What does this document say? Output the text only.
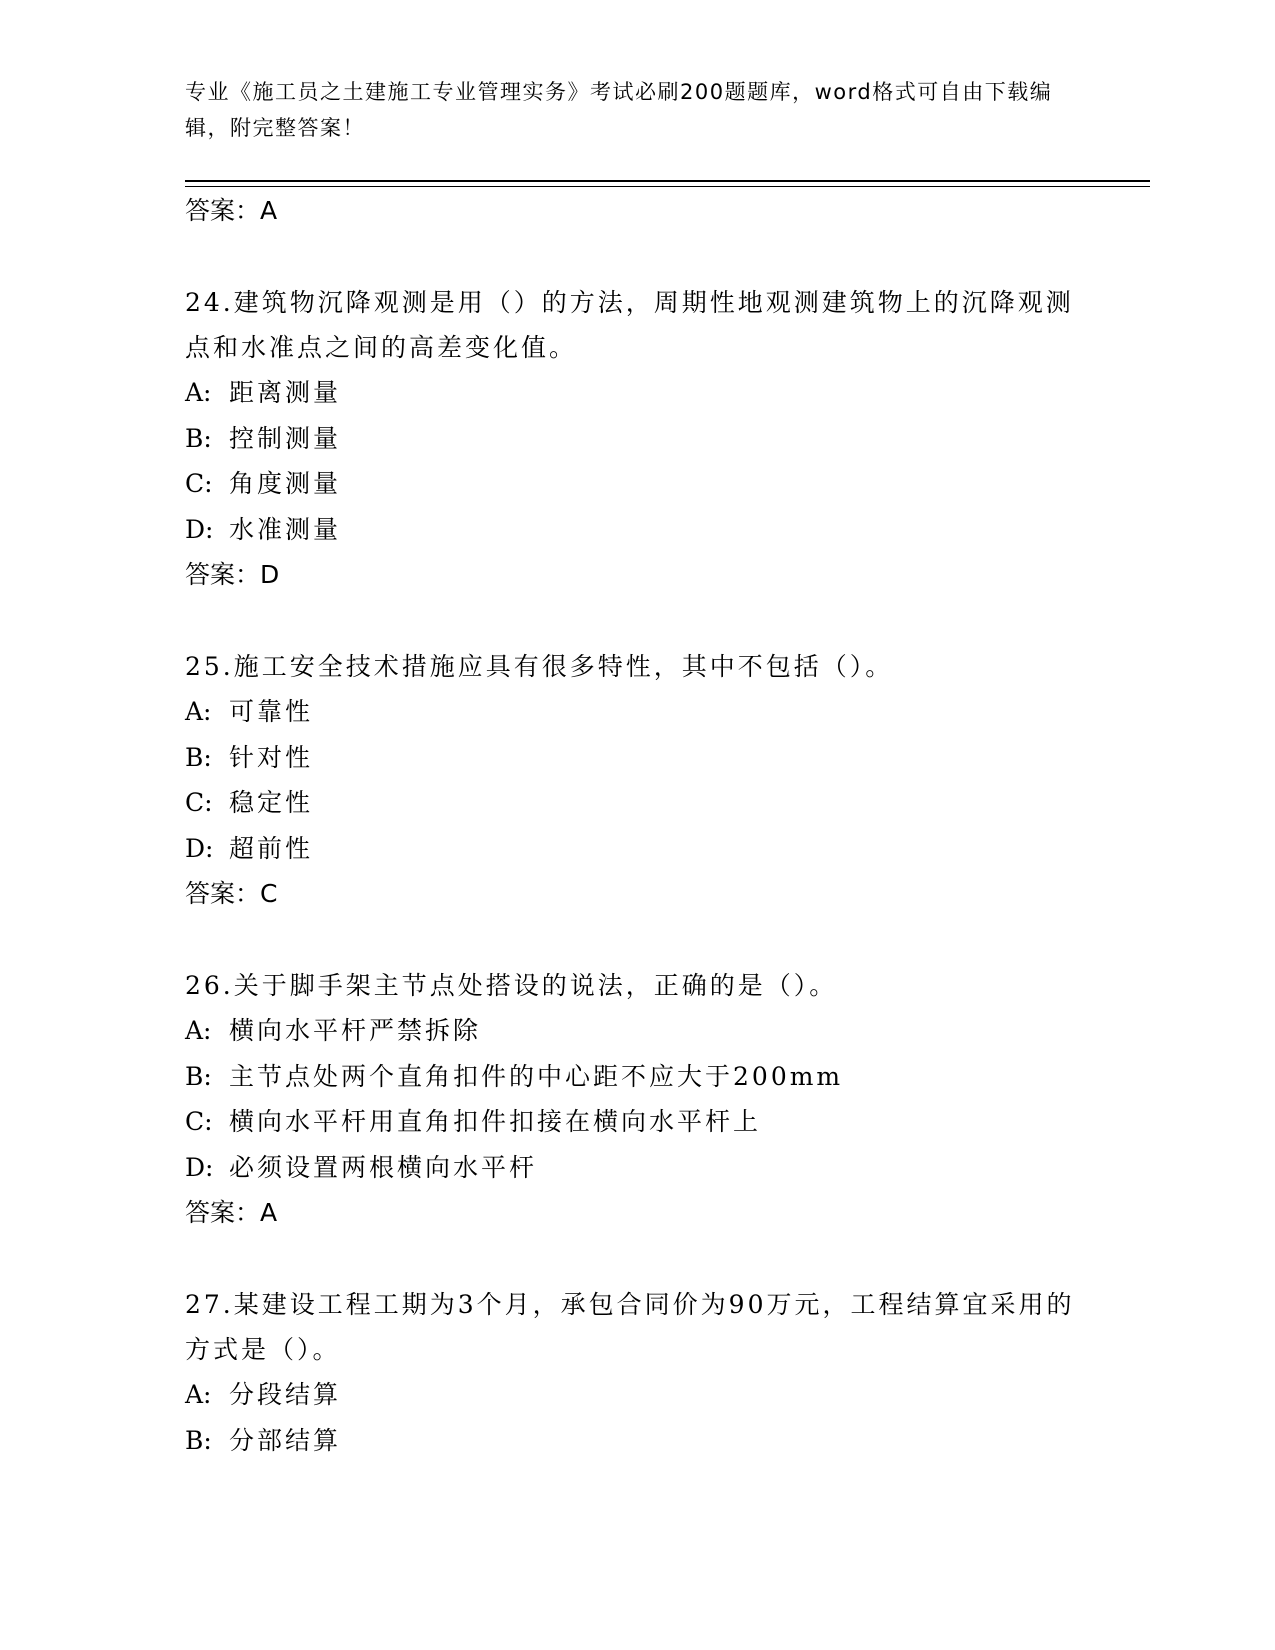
专业《施工员之土建施工专业管理实务》考试必刷200题题库，word格式可自由下载编辑，附完整答案！
答案：A
24.建筑物沉降观测是用（）的方法，周期性地观测建筑物上的沉降观测点和水准点之间的高差变化值。
A: 距离测量
B: 控制测量
C: 角度测量
D: 水准测量
答案：D
25.施工安全技术措施应具有很多特性，其中不包括（）。
A: 可靠性
B: 针对性
C: 稳定性
D: 超前性
答案：C
26.关于脚手架主节点处搭设的说法，正确的是（）。
A: 横向水平杆严禁拆除
B: 主节点处两个直角扣件的中心距不应大于200mm
C: 横向水平杆用直角扣件扣接在横向水平杆上
D: 必须设置两根横向水平杆
答案：A
27.某建设工程工期为3个月，承包合同价为90万元，工程结算宜采用的方式是（）。
A: 分段结算
B: 分部结算
